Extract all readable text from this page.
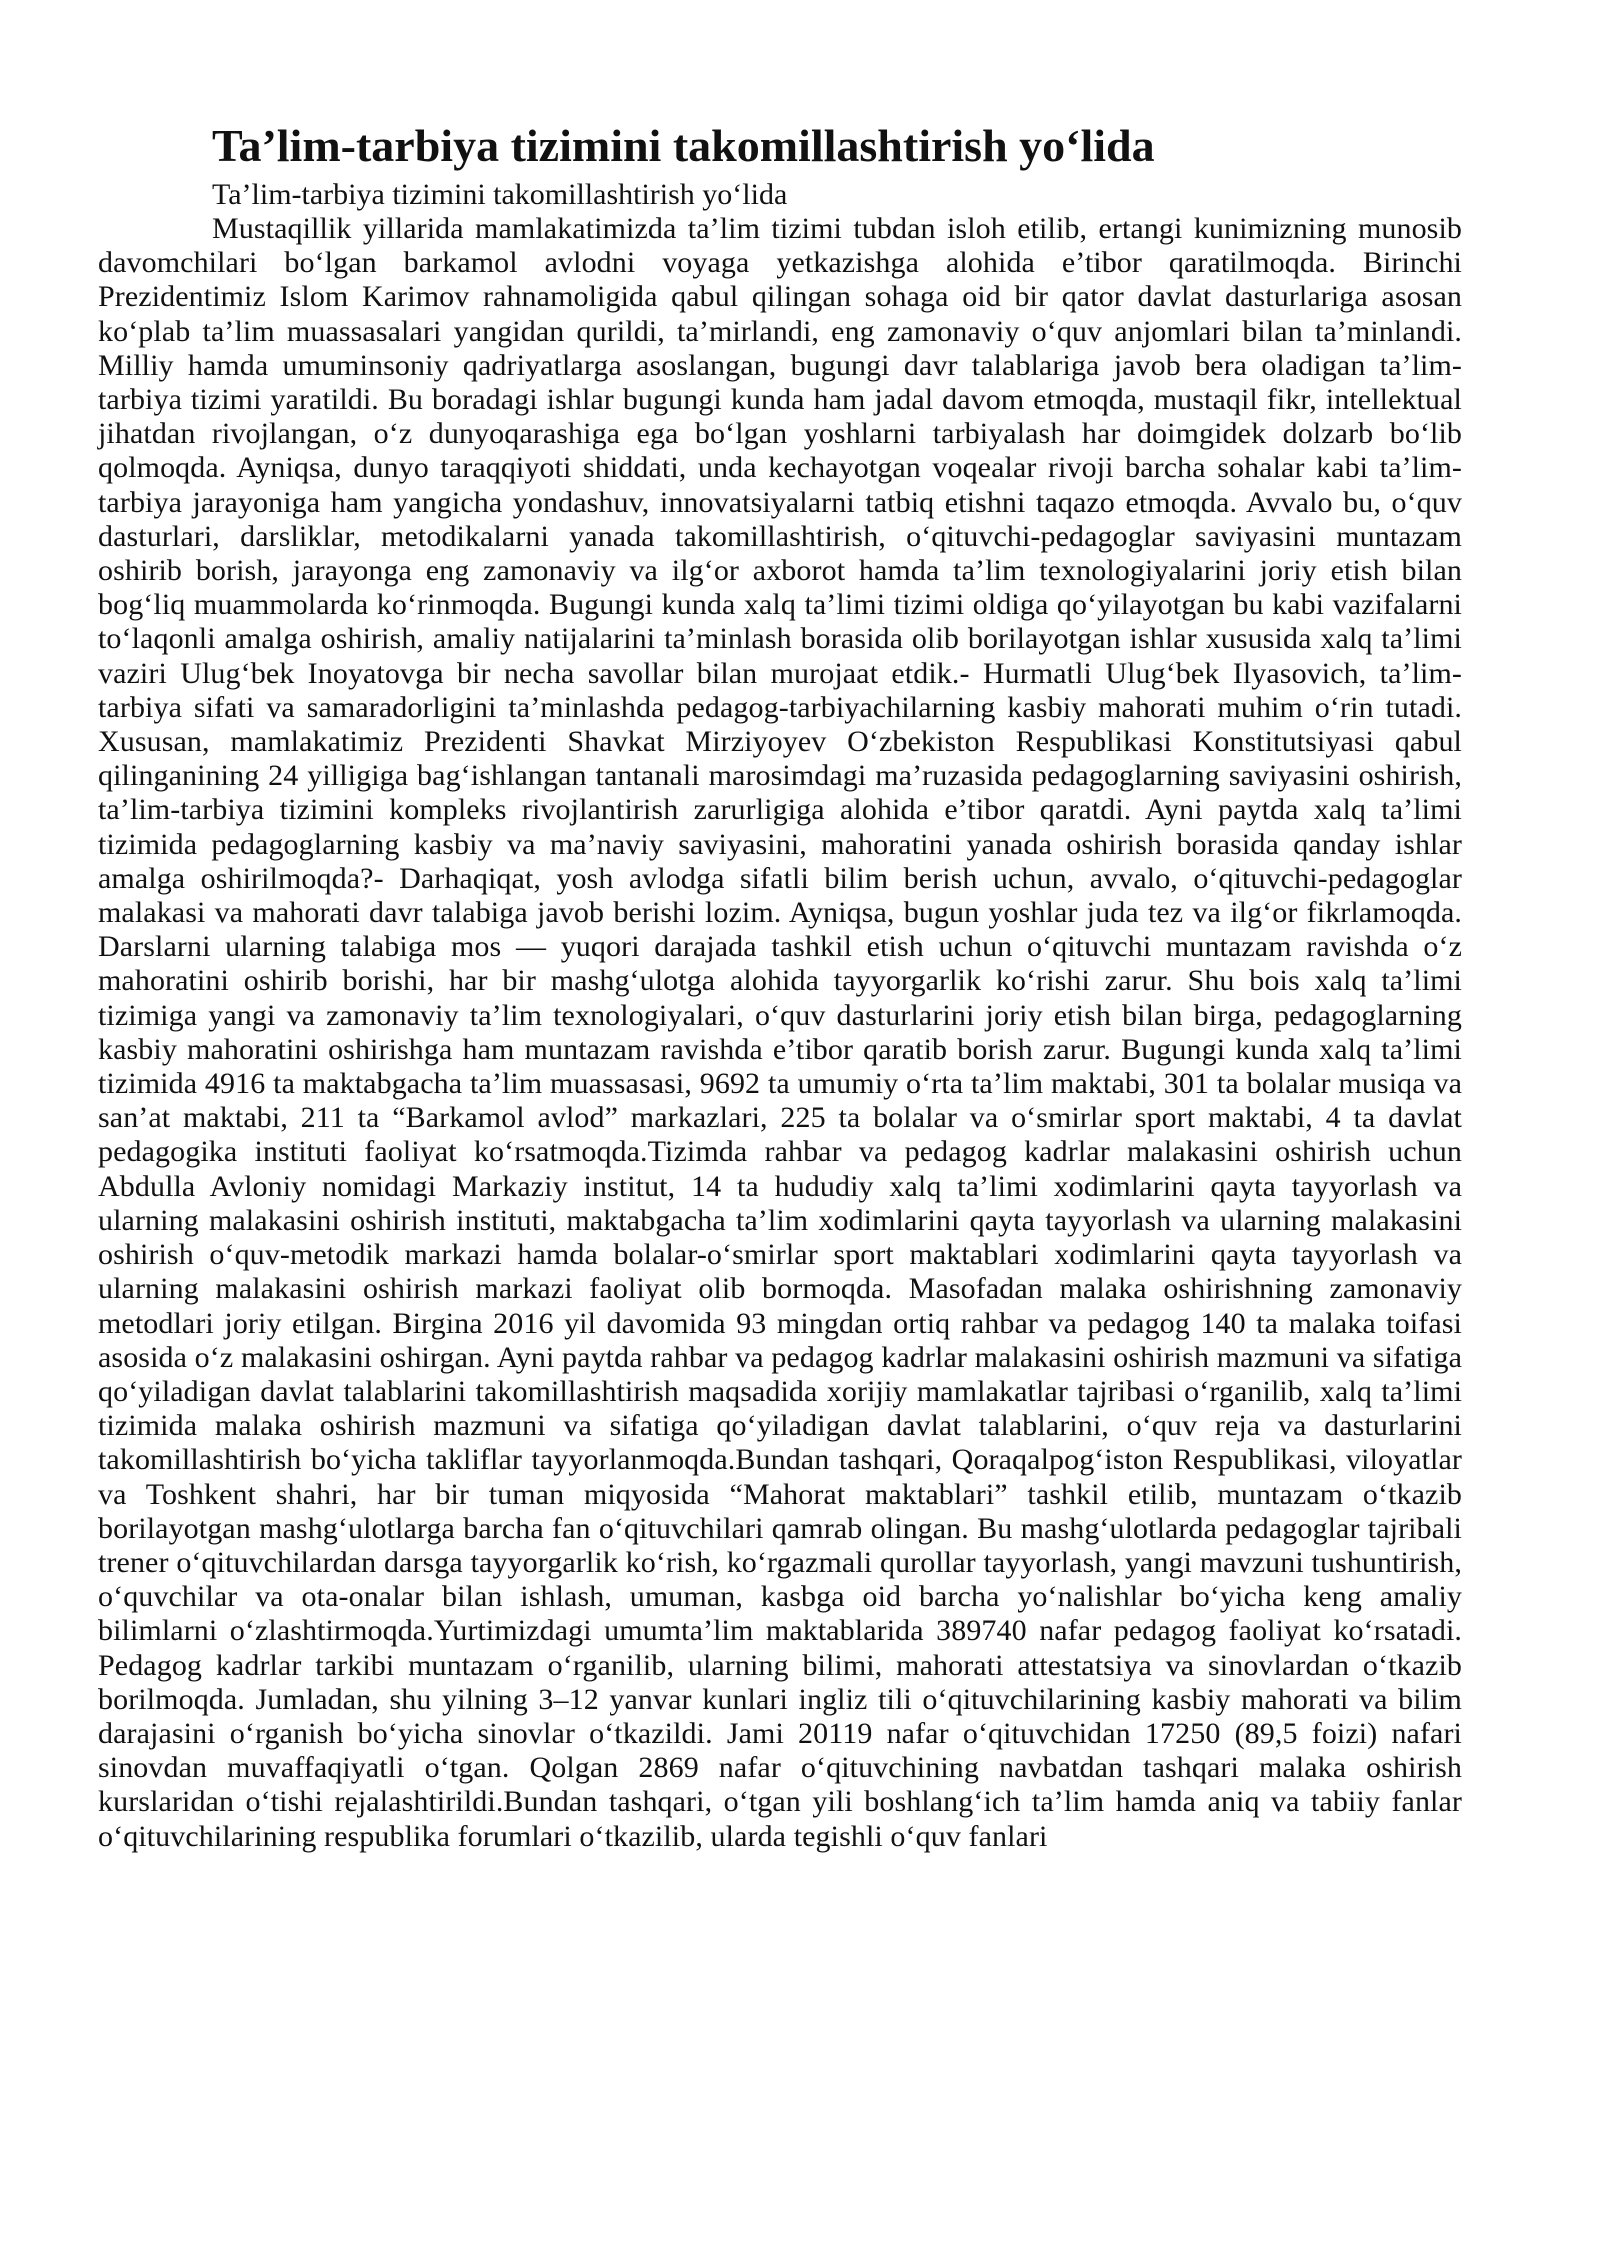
Ta’lim-tarbiya tizimini takomillashtirish yo‘lida

Ta’lim-tarbiya tizimini takomillashtirish yo‘lida

Mustaqillik yillarida mamlakatimizda ta’lim tizimi tubdan isloh etilib, ertangi kunimizning munosib davomchilari bo‘lgan barkamol avlodni voyaga yetkazishga alohida e’tibor qaratilmoqda. Birinchi Prezidentimiz Islom Karimov rahnamoligida qabul qilingan sohaga oid bir qator davlat dasturlariga asosan ko‘plab ta’lim muassasalari yangidan qurildi, ta’mirlandi, eng zamonaviy o‘quv anjomlari bilan ta’minlandi. Milliy hamda umuminsoniy qadriyatlarga asoslangan, bugungi davr talablariga javob bera oladigan ta’lim-tarbiya tizimi yaratildi. Bu boradagi ishlar bugungi kunda ham jadal davom etmoqda, mustaqil fikr, intellektual jihatdan rivojlangan, o‘z dunyoqarashiga ega bo‘lgan yoshlarni tarbiyalash har doimgidek dolzarb bo‘lib qolmoqda. Ayniqsa, dunyo taraqqiyoti shiddati, unda kechayotgan voqealar rivoji barcha sohalar kabi ta’lim-tarbiya jarayoniga ham yangicha yondashuv, innovatsiyalarni tatbiq etishni taqazo etmoqda. Avvalo bu, o‘quv dasturlari, darsliklar, metodikalarni yanada takomillashtirish, o‘qituvchi-pedagoglar saviyasini muntazam oshirib borish, jarayonga eng zamonaviy va ilg‘or axborot hamda ta’lim texnologiyalarini joriy etish bilan bog‘liq muammolarda ko‘rinmoqda. Bugungi kunda xalq ta’limi tizimi oldiga qo‘yilayotgan bu kabi vazifalarni to‘laqonli amalga oshirish, amaliy natijalarini ta’minlash borasida olib borilayotgan ishlar xususida xalq ta’limi vaziri Ulug‘bek Inoyatovga bir necha savollar bilan murojaat etdik.- Hurmatli Ulug‘bek Ilyasovich, ta’lim-tarbiya sifati va samaradorligini ta’minlashda pedagog-tarbiyachilarning kasbiy mahorati muhim o‘rin tutadi. Xususan, mamlakatimiz Prezidenti Shavkat Mirziyoyev O‘zbekiston Respublikasi Konstitutsiyasi qabul qilinganining 24 yilligiga bag‘ishlangan tantanali marosimdagi ma’ruzasida pedagoglarning saviyasini oshirish, ta’lim-tarbiya tizimini kompleks rivojlantirish zarurligiga alohida e’tibor qaratdi. Ayni paytda xalq ta’limi tizimida pedagoglarning kasbiy va ma’naviy saviyasini, mahoratini yanada oshirish borasida qanday ishlar amalga oshirilmoqda?- Darhaqiqat, yosh avlodga sifatli bilim berish uchun, avvalo, o‘qituvchi-pedagoglar malakasi va mahorati davr talabiga javob berishi lozim. Ayniqsa, bugun yoshlar juda tez va ilg‘or fikrlamoqda. Darslarni ularning talabiga mos — yuqori darajada tashkil etish uchun o‘qituvchi muntazam ravishda o‘z mahoratini oshirib borishi, har bir mashg‘ulotga alohida tayyorgarlik ko‘rishi zarur. Shu bois xalq ta’limi tizimiga yangi va zamonaviy ta’lim texnologiyalari, o‘quv dasturlarini joriy etish bilan birga, pedagoglarning kasbiy mahoratini oshirishga ham muntazam ravishda e’tibor qaratib borish zarur. Bugungi kunda xalq ta’limi tizimida 4916 ta maktabgacha ta’lim muassasasi, 9692 ta umumiy o‘rta ta’lim maktabi, 301 ta bolalar musiqa va san’at maktabi, 211 ta “Barkamol avlod” markazlari, 225 ta bolalar va o‘smirlar sport maktabi, 4 ta davlat pedagogika instituti faoliyat ko‘rsatmoqda.Tizimda rahbar va pedagog kadrlar malakasini oshirish uchun Abdulla Avloniy nomidagi Markaziy institut, 14 ta hududiy xalq ta’limi xodimlarini qayta tayyorlash va ularning malakasini oshirish instituti, maktabgacha ta’lim xodimlarini qayta tayyorlash va ularning malakasini oshirish o‘quv-metodik markazi hamda bolalar-o‘smirlar sport maktablari xodimlarini qayta tayyorlash va ularning malakasini oshirish markazi faoliyat olib bormoqda. Masofadan malaka oshirishning zamonaviy metodlari joriy etilgan. Birgina 2016 yil davomida 93 mingdan ortiq rahbar va pedagog 140 ta malaka toifasi asosida o‘z malakasini oshirgan. Ayni paytda rahbar va pedagog kadrlar malakasini oshirish mazmuni va sifatiga qo‘yiladigan davlat talablarini takomillashtirish maqsadida xorijiy mamlakatlar tajribasi o‘rganilib, xalq ta’limi tizimida malaka oshirish mazmuni va sifatiga qo‘yiladigan davlat talablarini, o‘quv reja va dasturlarini takomillashtirish bo‘yicha takliflar tayyorlanmoqda.Bundan tashqari, Qoraqalpog‘iston Respublikasi, viloyatlar va Toshkent shahri, har bir tuman miqyosida “Mahorat maktablari” tashkil etilib, muntazam o‘tkazib borilayotgan mashg‘ulotlarga barcha fan o‘qituvchilari qamrab olingan. Bu mashg‘ulotlarda pedagoglar tajribali trener o‘qituvchilardan darsga tayyorgarlik ko‘rish, ko‘rgazmali qurollar tayyorlash, yangi mavzuni tushuntirish, o‘quvchilar va ota-onalar bilan ishlash, umuman, kasbga oid barcha yo‘nalishlar bo‘yicha keng amaliy bilimlarni o‘zlashtirmoqda.Yurtimizdagi umumta’lim maktablarida 389740 nafar pedagog faoliyat ko‘rsatadi. Pedagog kadrlar tarkibi muntazam o‘rganilib, ularning bilimi, mahorati attestatsiya va sinovlardan o‘tkazib borilmoqda. Jumladan, shu yilning 3–12 yanvar kunlari ingliz tili o‘qituvchilarining kasbiy mahorati va bilim darajasini o‘rganish bo‘yicha sinovlar o‘tkazildi. Jami 20119 nafar o‘qituvchidan 17250 (89,5 foizi) nafari sinovdan muvaffaqiyatli o‘tgan. Qolgan 2869 nafar o‘qituvchining navbatdan tashqari malaka oshirish kurslaridan o‘tishi rejalashtirildi.Bundan tashqari, o‘tgan yili boshlang‘ich ta’lim hamda aniq va tabiiy fanlar o‘qituvchilarining respublika forumlari o‘tkazilib, ularda tegishli o‘quv fanlari
